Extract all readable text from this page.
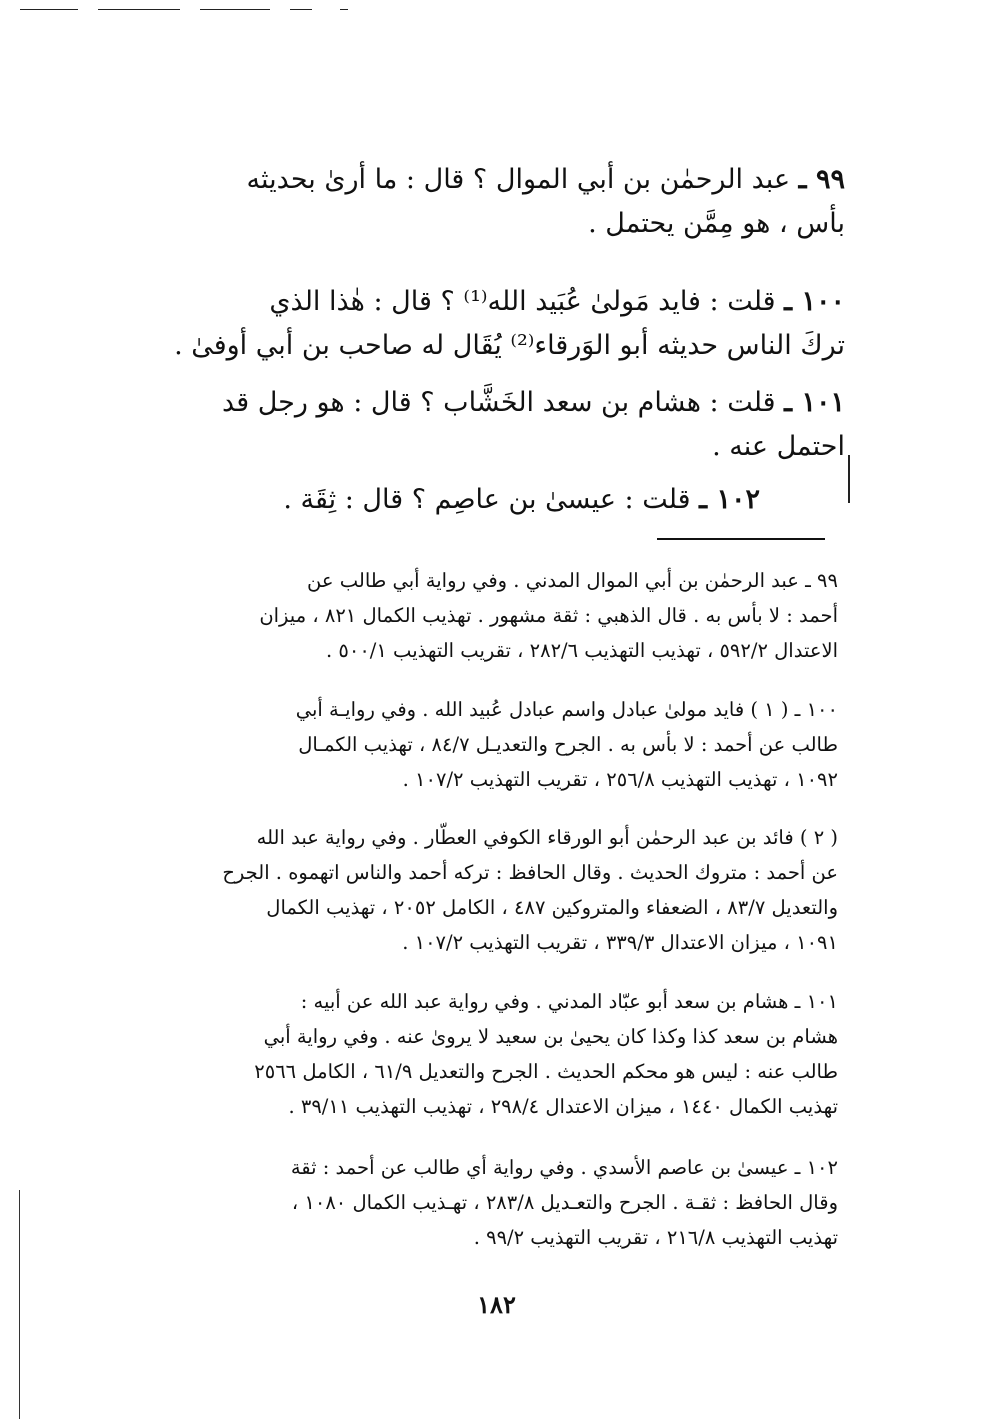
٩٩ ـ عبد الرحمٰن بن أبي الموال ؟ قال : ما أرىٰ بحديثه

بأس ، هو مِمَّن يحتمل .

١٠٠ ـ قلت : فايد مَولىٰ عُبَيد الله⁽¹⁾ ؟ قال : هٰذا الذي

تركَ الناس حديثه أبو الوَرقاء⁽²⁾ يُقَال له صاحب بن أبي أوفىٰ .

١٠١ ـ قلت : هشام بن سعد الخَشَّاب ؟ قال : هو رجل قد

احتمل عنه .

١٠٢ ـ قلت : عيسىٰ بن عاصِم ؟ قال : ثِقَة .

٩٩ ـ عبد الرحمٰن بن أبي الموال المدني . وفي رواية أبي طالب عن

أحمد : لا بأس به . قال الذهبي : ثقة مشهور . تهذيب الكمال ٨٢١ ، ميزان

الاعتدال ٥٩٢/٢ ، تهذيب التهذيب ٢٨٢/٦ ، تقريب التهذيب ٥٠٠/١ .

١٠٠ ـ ( ١ ) فايد مولىٰ عبادل واسم عبادل عُبيد الله . وفي روايـة أبي

طالب عن أحمد : لا بأس به . الجرح والتعديـل ٨٤/٧ ، تهذيب الكمـال

١٠٩٢ ، تهذيب التهذيب ٢٥٦/٨ ، تقريب التهذيب ١٠٧/٢ .

( ٢ ) فائد بن عبد الرحمٰن أبو الورقاء الكوفي العطّار . وفي رواية عبد الله

عن أحمد : متروك الحديث . وقال الحافظ : تركه أحمد والناس اتهموه . الجرح

والتعديل ٨٣/٧ ، الضعفاء والمتروكين ٤٨٧ ، الكامل ٢٠٥٢ ، تهذيب الكمال

١٠٩١ ، ميزان الاعتدال ٣٣٩/٣ ، تقريب التهذيب ١٠٧/٢ .

١٠١ ـ هشام بن سعد أبو عبّاد المدني . وفي رواية عبد الله عن أبيه :

هشام بن سعد كذا وكذا كان يحيىٰ بن سعيد لا يروىٰ عنه . وفي رواية أبي

طالب عنه : ليس هو محكم الحديث . الجرح والتعديل ٦١/٩ ، الكامل ٢٥٦٦

تهذيب الكمال ١٤٤٠ ، ميزان الاعتدال ٢٩٨/٤ ، تهذيب التهذيب ٣٩/١١ .

١٠٢ ـ عيسىٰ بن عاصم الأسدي . وفي رواية أي طالب عن أحمد : ثقة

وقال الحافظ : ثقـة . الجرح والتعـديل ٢٨٣/٨ ، تهـذيب الكمال ١٠٨٠ ،

تهذيب التهذيب ٢١٦/٨ ، تقريب التهذيب ٩٩/٢ .

١٨٢
